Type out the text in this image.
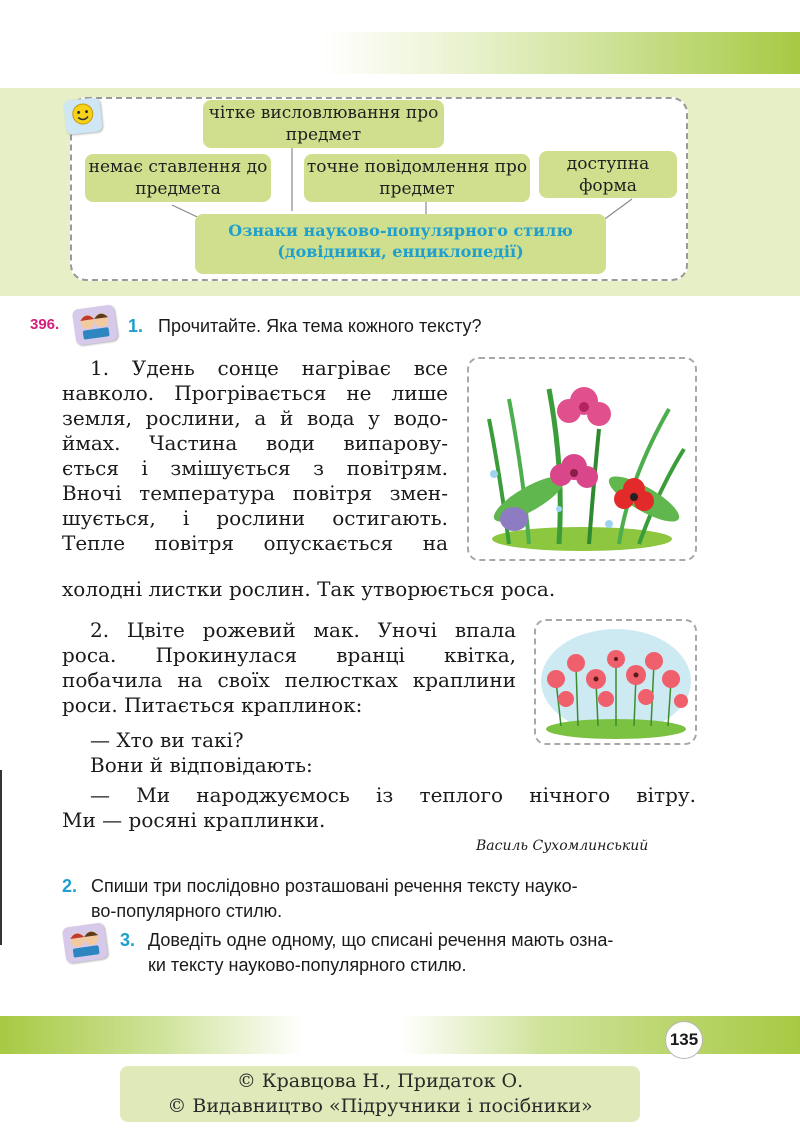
чітке висловлювання про предмет
немає ставлення до предмета
точне повідомлення про предмет
доступна форма
Ознаки науково-популярного стилю
(довідники, енциклопедії)
396.	1. Прочитайте. Яка тема кожного тексту?
1. Удень сонце нагріває все
навколо. Прогрівається не лише
земля, рослини, а й вода у водо-
ймах. Частина води випарову-
ється і змішується з повітрям.
Вночі температура повітря змен-
шується, і рослини остигають.
Тепле повітря опускається на
холодні листки рослин. Так утворюється роса.
2. Цвіте рожевий мак. Уночі впала
роса. Прокинулася вранці квітка,
побачила на своїх пелюстках краплини
роси. Питається краплинок:
— Хто ви такі?
Вони й відповідають:
— Ми народжуємось із теплого нічного вітру.
Ми — росяні краплинки.
Василь Сухомлинський
2. Спиши три послідовно розташовані речення тексту науко-
во-популярного стилю.
3. Доведіть одне одному, що списані речення мають озна-
ки тексту науково-популярного стилю.
135
© Кравцова Н., Придаток О.
© Видавництво «Підручники і посібники»
